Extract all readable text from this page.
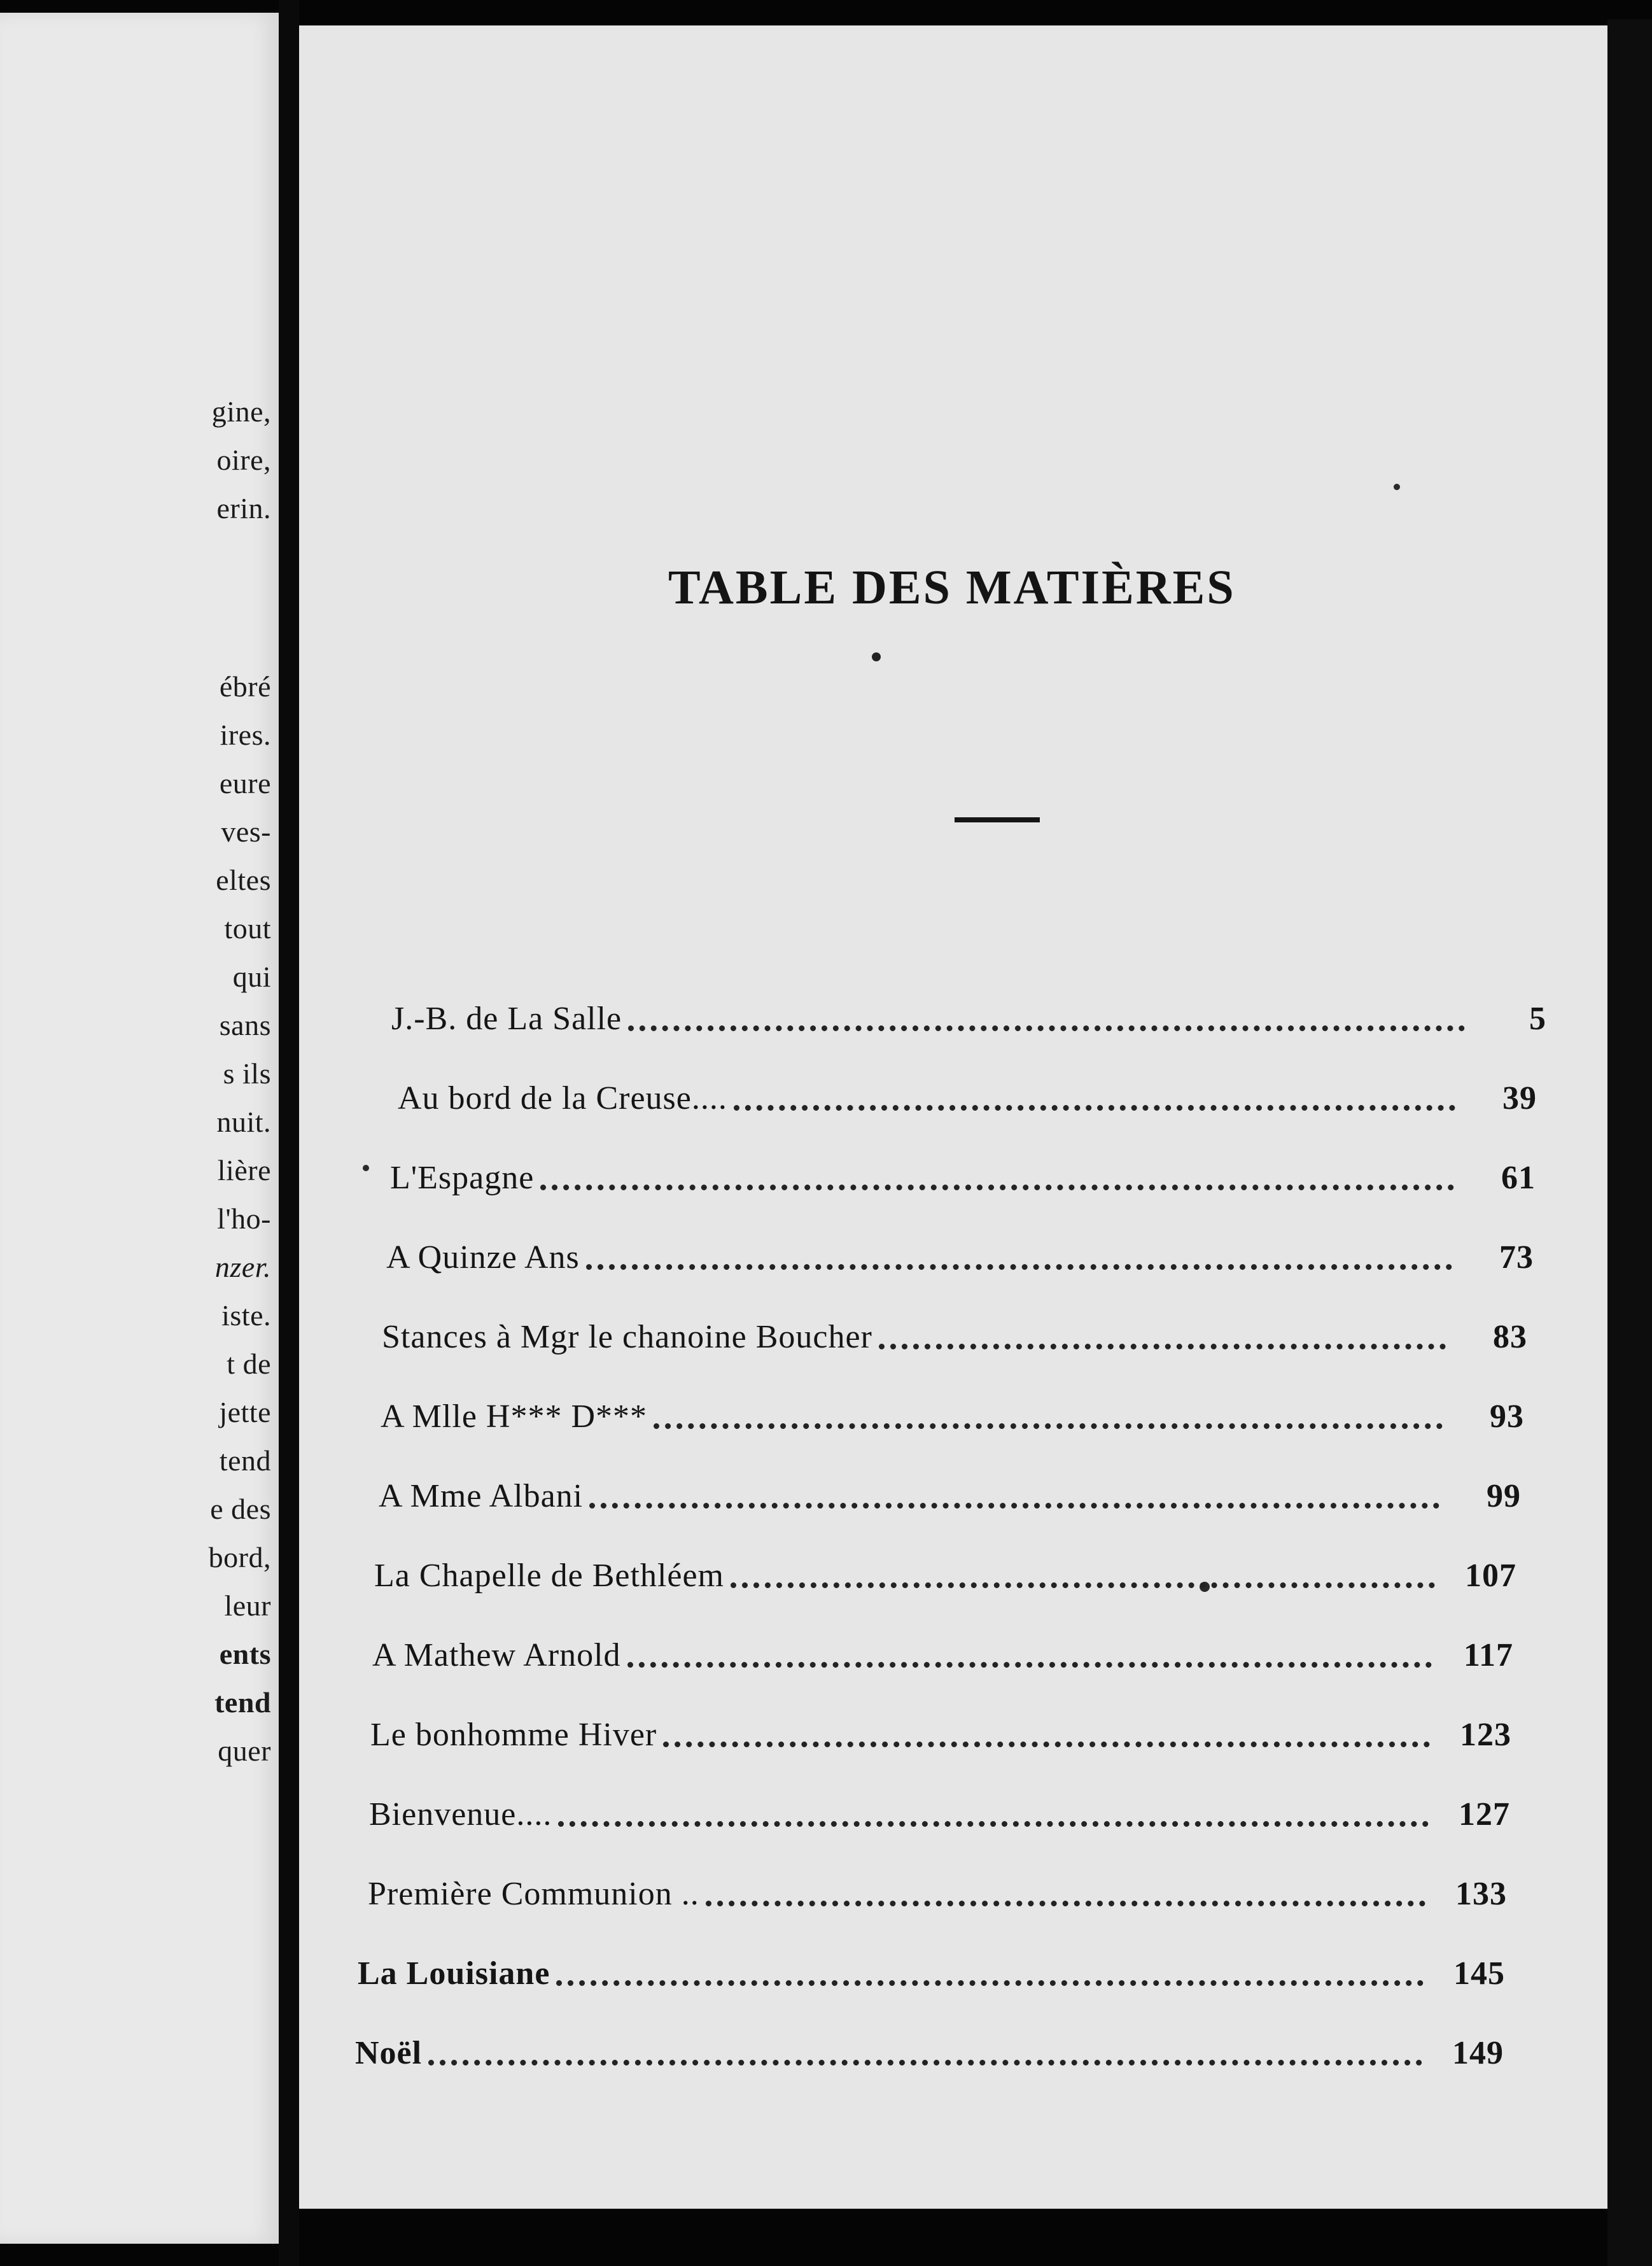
gine,
oire,
erin.
ébré
ires.
eure
ves-
eltes
tout
qui
sans
s ils
nuit.
lière
l'ho-
nzer.
iste.
t de
jette
tend
e des
bord,
leur
ents
tend
quer
TABLE DES MATIÈRES
J.-B. de La Salle	5
Au bord de la Creuse....	39
L'Espagne	61
A Quinze Ans	73
Stances à Mgr le chanoine Boucher	83
A Mlle H*** D***	93
A Mme Albani	99
La Chapelle de Bethléem	107
A Mathew Arnold	117
Le bonhomme Hiver	123
Bienvenue....	127
Première Communion ..	133
La Louisiane	145
Noël	149
